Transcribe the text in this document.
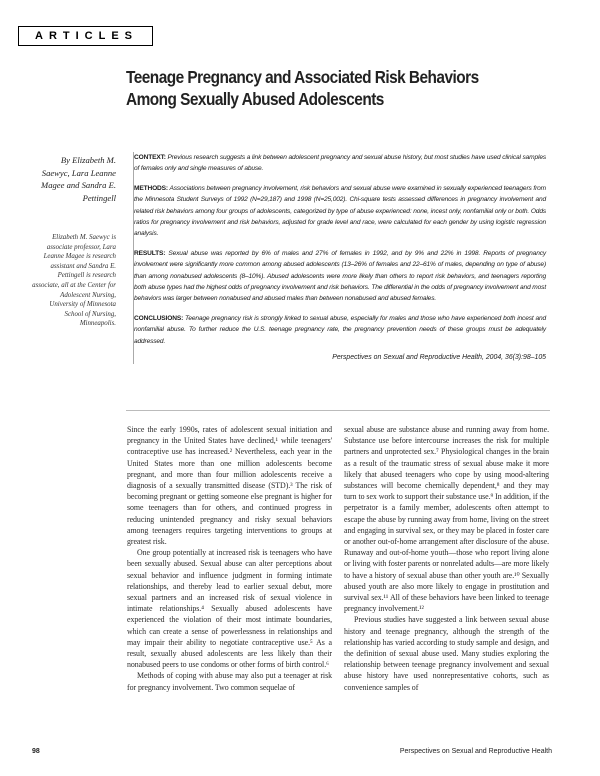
ARTICLES
Teenage Pregnancy and Associated Risk Behaviors
Among Sexually Abused Adolescents
By Elizabeth M. Saewyc, Lara Leanne Magee and Sandra E. Pettingell
Elizabeth M. Saewyc is associate professor, Lara Leanne Magee is research assistant and Sandra E. Pettingell is research associate, all at the Center for Adolescent Nursing, University of Minnesota School of Nursing, Minneapolis.

CONTEXT: Previous research suggests a link between adolescent pregnancy and sexual abuse history, but most studies have used clinical samples of females only and single measures of abuse.

METHODS: Associations between pregnancy involvement, risk behaviors and sexual abuse were examined in sexually experienced teenagers from the Minnesota Student Surveys of 1992 (N=29,187) and 1998 (N=25,002). Chi-square tests assessed differences in pregnancy involvement and related risk behaviors among four groups of adolescents, categorized by type of abuse experienced: none, incest only, nonfamilial only or both. Odds ratios for pregnancy involvement and risk behaviors, adjusted for grade level and race, were calculated for each gender by using logistic regression analysis.

RESULTS: Sexual abuse was reported by 6% of males and 27% of females in 1992, and by 9% and 22% in 1998. Reports of pregnancy involvement were significantly more common among abused adolescents (13–26% of females and 22–61% of males, depending on type of abuse) than among nonabused adolescents (8–10%). Abused adolescents were more likely than others to report risk behaviors, and teenagers reporting both abuse types had the highest odds of pregnancy involvement and risk behaviors. The differential in the odds of pregnancy involvement and most behaviors was larger between nonabused and abused males than between nonabused and abused females.

CONCLUSIONS: Teenage pregnancy risk is strongly linked to sexual abuse, especially for males and those who have experienced both incest and nonfamilial abuse. To further reduce the U.S. teenage pregnancy rate, the pregnancy prevention needs of these groups must be adequately addressed.

Perspectives on Sexual and Reproductive Health, 2004, 36(3):98–105

Since the early 1990s, rates of adolescent sexual initiation and pregnancy in the United States have declined,¹ while teenagers' contraceptive use has increased.² Nevertheless, each year in the United States more than one million adolescents become pregnant, and more than four million adolescents receive a diagnosis of a sexually transmitted disease (STD).³ The risk of becoming pregnant or getting someone else pregnant is higher for some teenagers than for others, and continued progress in reducing unintended pregnancy and risky sexual behaviors among teenagers requires targeting interventions to groups at greatest risk.

One group potentially at increased risk is teenagers who have been sexually abused. Sexual abuse can alter perceptions about sexual behavior and influence judgment in forming intimate relationships, and thereby lead to earlier sexual debut, more sexual partners and an increased risk of sexual violence in intimate relationships.⁴ Sexually abused adolescents have experienced the violation of their most intimate boundaries, which can create a sense of powerlessness in relationships and may impair their ability to negotiate contraceptive use.⁵ As a result, sexually abused adolescents are less likely than their nonabused peers to use condoms or other forms of birth control.⁶

Methods of coping with abuse may also put a teenager at risk for pregnancy involvement. Two common sequelae of

sexual abuse are substance abuse and running away from home. Substance use before intercourse increases the risk for multiple partners and unprotected sex.⁷ Physiological changes in the brain as a result of the traumatic stress of sexual abuse make it more likely that abused teenagers who cope by using mood-altering substances will become chemically dependent,⁸ and they may turn to sex work to support their substance use.⁹ In addition, if the perpetrator is a family member, adolescents often attempt to escape the abuse by running away from home, living on the street and engaging in survival sex, or they may be placed in foster care or another out-of-home arrangement after disclosure of the abuse. Runaway and out-of-home youth—those who report living alone or living with foster parents or nonrelated adults—are more likely to have a history of sexual abuse than other youth are.¹⁰ Sexually abused youth are also more likely to engage in prostitution and survival sex.¹¹ All of these behaviors have been linked to teenage pregnancy involvement.¹²

Previous studies have suggested a link between sexual abuse history and teenage pregnancy, although the strength of the relationship has varied according to study sample and design, and the definition of sexual abuse used. Many studies exploring the relationship between teenage pregnancy involvement and sexual abuse history have used nonrepresentative cohorts, such as convenience samples of

98	Perspectives on Sexual and Reproductive Health
